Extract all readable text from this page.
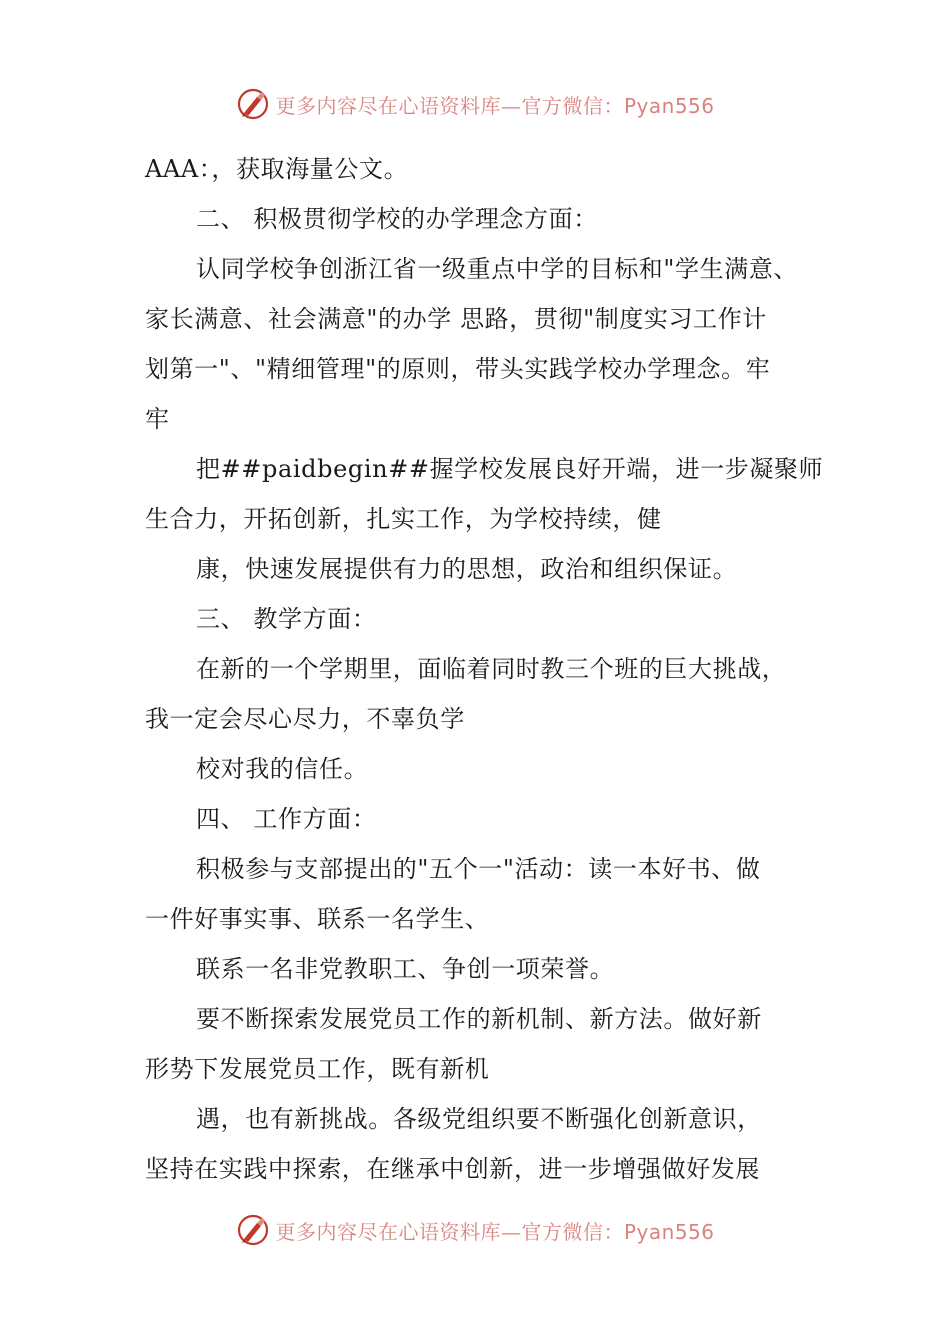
更多内容尽在心语资料库—官方微信：Pyan556
AAA：，获取海量公文。
二、 积极贯彻学校的办学理念方面：
认同学校争创浙江省一级重点中学的目标和"学生满意、
家长满意、社会满意"的办学 思路，贯彻"制度实习工作计
划第一"、"精细管理"的原则，带头实践学校办学理念。牢
牢
把##paidbegin##握学校发展良好开端，进一步凝聚师
生合力，开拓创新，扎实工作，为学校持续，健
康，快速发展提供有力的思想，政治和组织保证。
三、 教学方面：
在新的一个学期里，面临着同时教三个班的巨大挑战，
我一定会尽心尽力，不辜负学
校对我的信任。
四、 工作方面：
积极参与支部提出的"五个一"活动：读一本好书、做
一件好事实事、联系一名学生、
联系一名非党教职工、争创一项荣誉。
要不断探索发展党员工作的新机制、新方法。做好新
形势下发展党员工作，既有新机
遇，也有新挑战。各级党组织要不断强化创新意识，
坚持在实践中探索，在继承中创新，进一步增强做好发展
更多内容尽在心语资料库—官方微信：Pyan556
